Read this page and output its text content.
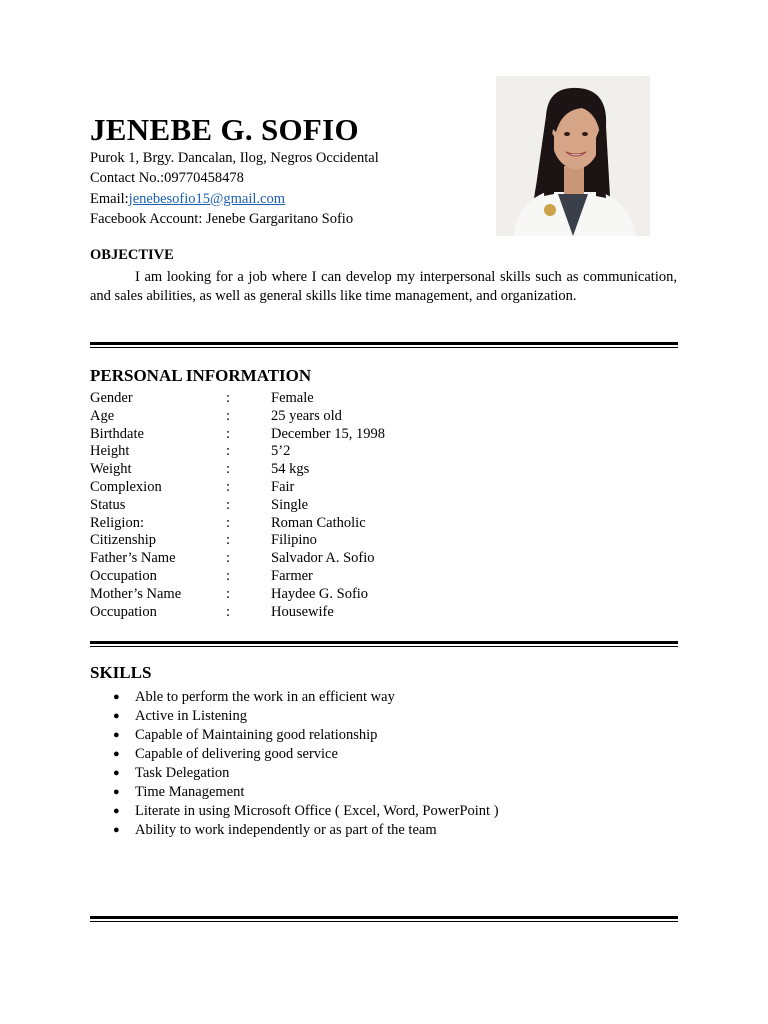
JENEBE G. SOFIO
Purok 1, Brgy. Dancalan, Ilog, Negros Occidental
Contact No.:09770458478
Email:jenebesofio15@gmail.com
Facebook Account: Jenebe Gargaritano Sofio
OBJECTIVE
I am looking for a job where I can develop my interpersonal skills such as communication, and sales abilities, as well as general skills like time management, and organization.
PERSONAL INFORMATION
Gender	:	Female
Age	:	25 years old
Birthdate	:	December 15, 1998
Height	:	5’2
Weight	:	54 kgs
Complexion	:	Fair
Status	:	Single
Religion:	:	Roman Catholic
Citizenship	:	Filipino
Father’s Name	:	Salvador A. Sofio
Occupation	:	Farmer
Mother’s Name	:	Haydee G. Sofio
Occupation	:	Housewife
SKILLS
● Able to perform the work in an efficient way
● Active in Listening
● Capable of Maintaining good relationship
● Capable of delivering good service
● Task Delegation
● Time Management
● Literate in using Microsoft Office ( Excel, Word, PowerPoint )
● Ability to work independently or as part of the team
